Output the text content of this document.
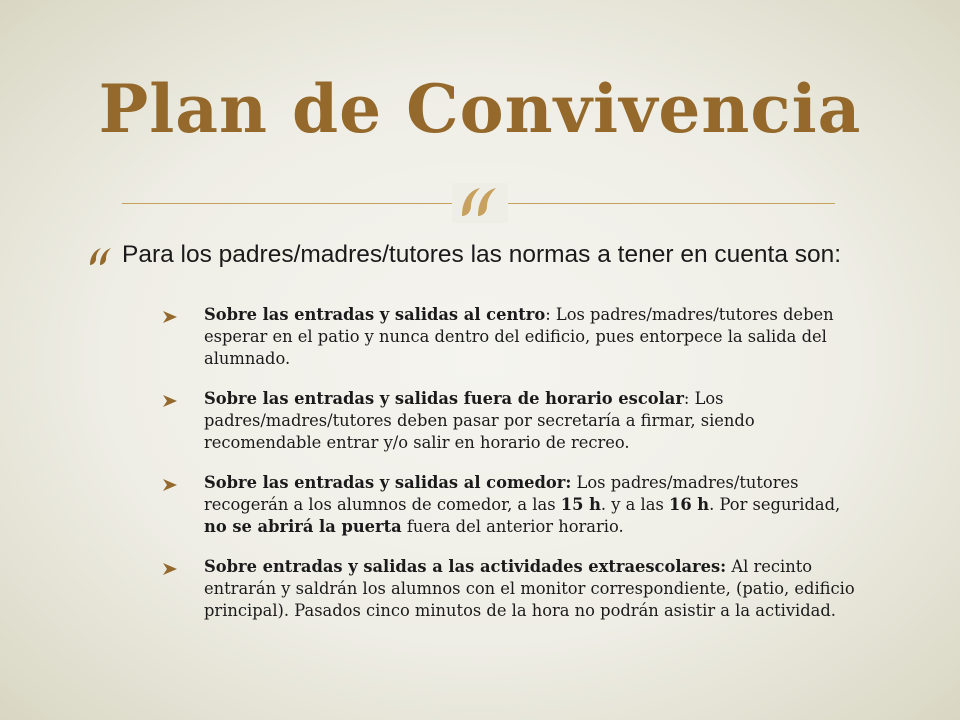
Plan de Convivencia
Para los padres/madres/tutores las normas a tener en cuenta son:
Sobre las entradas y salidas al centro: Los padres/madres/tutores deben esperar en el patio y nunca dentro del edificio, pues entorpece la salida del alumnado.
Sobre las entradas y salidas fuera de horario escolar: Los padres/madres/tutores deben pasar por secretaría a firmar, siendo recomendable entrar y/o salir en horario de recreo.
Sobre las entradas y salidas al comedor: Los padres/madres/tutores recogerán a los alumnos de comedor, a las 15 h. y a las 16 h. Por seguridad, no se abrirá la puerta fuera del anterior horario.
Sobre entradas y salidas a las actividades extraescolares: Al recinto entrarán y saldrán los alumnos con el monitor correspondiente, (patio, edificio principal). Pasados cinco minutos de la hora no podrán asistir a la actividad.
